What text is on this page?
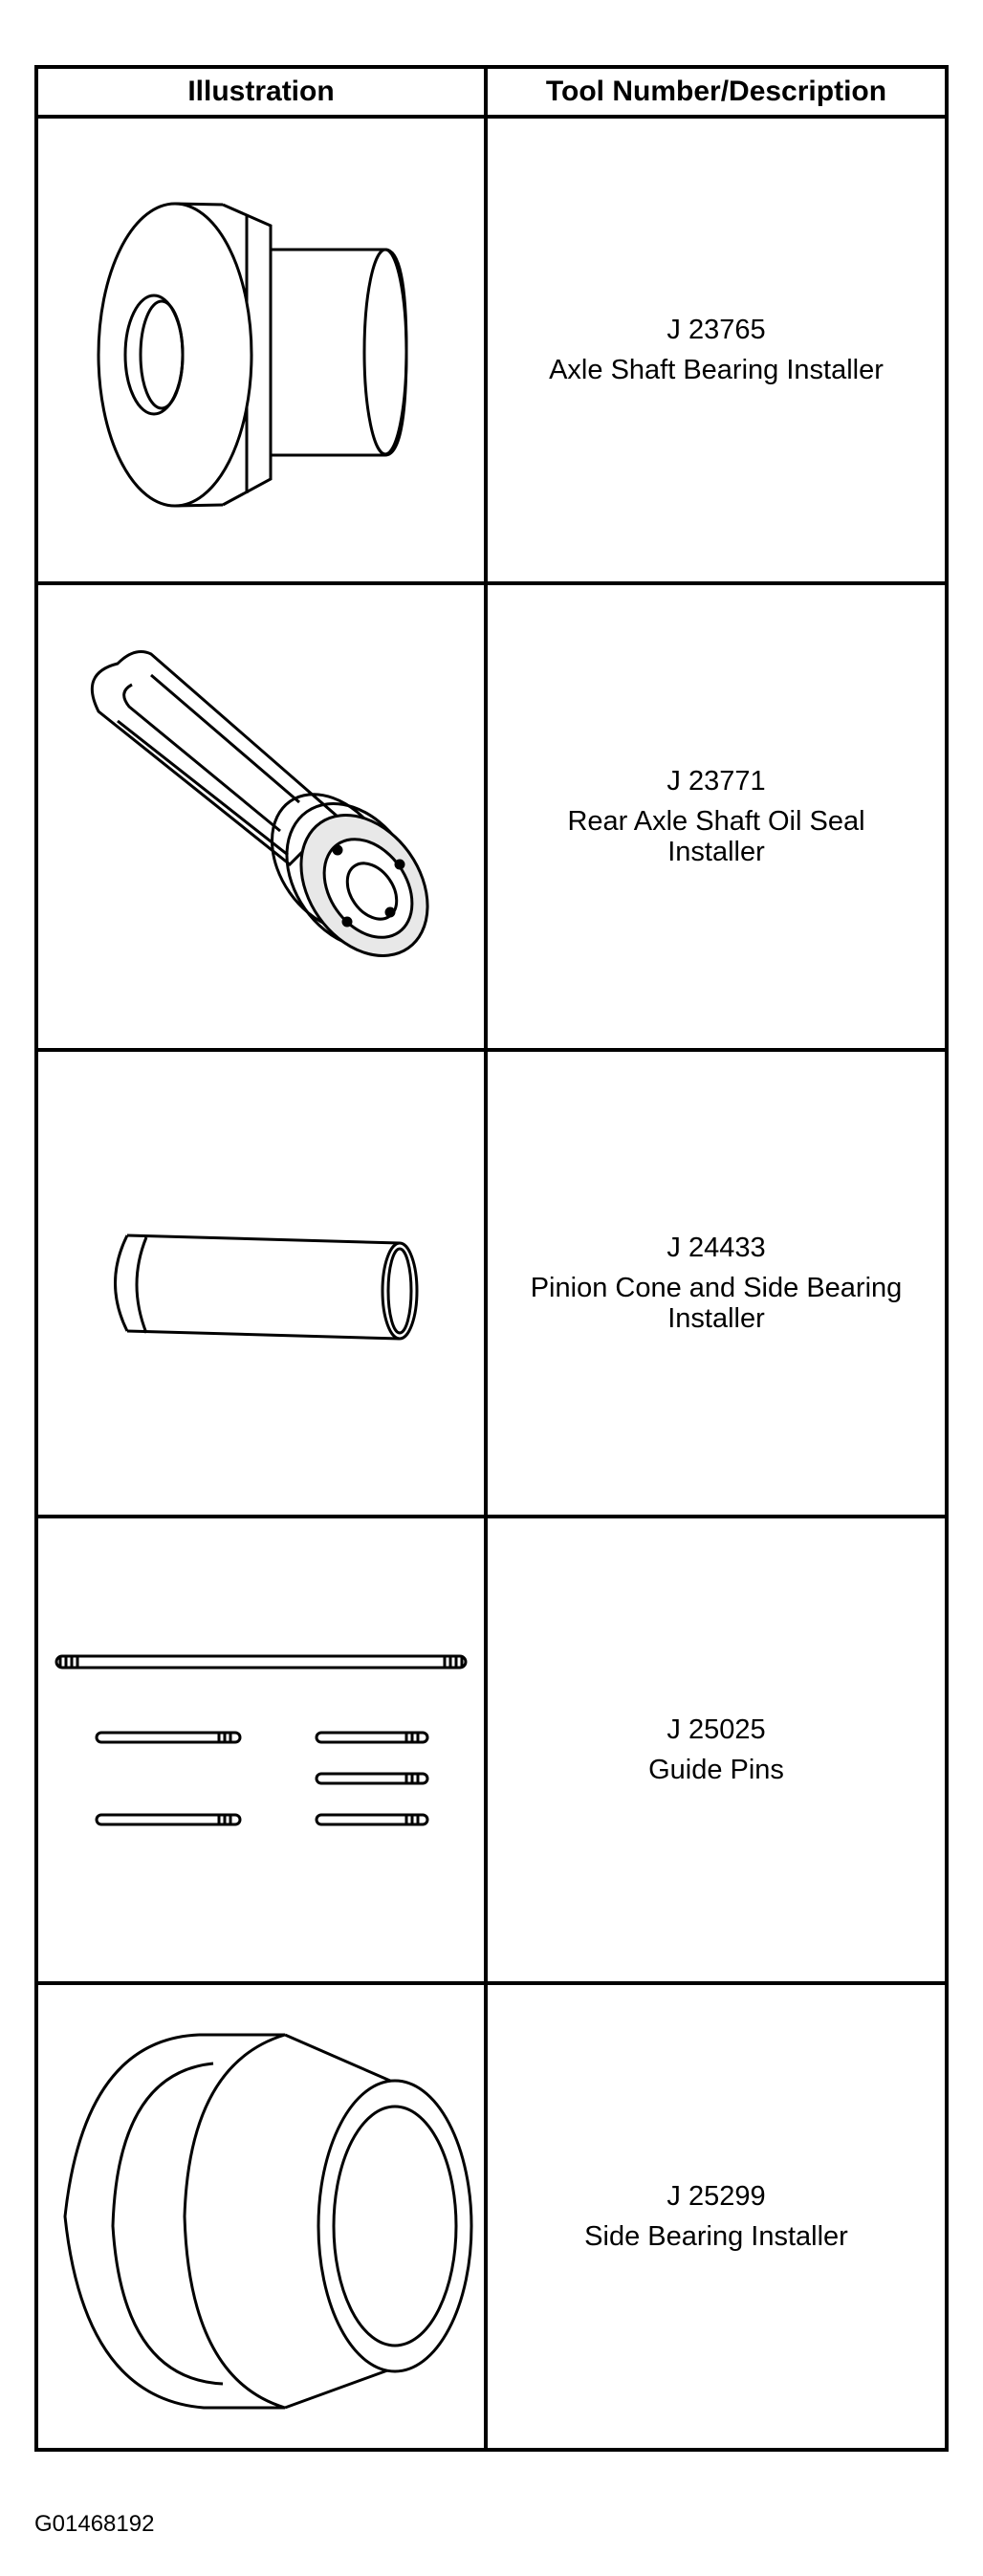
Illustration	Tool Number/Description
J 23765
Axle Shaft Bearing Installer
J 23771
Rear Axle Shaft Oil Seal Installer
J 24433
Pinion Cone and Side Bearing Installer
J 25025
Guide Pins
J 25299
Side Bearing Installer
G01468192
